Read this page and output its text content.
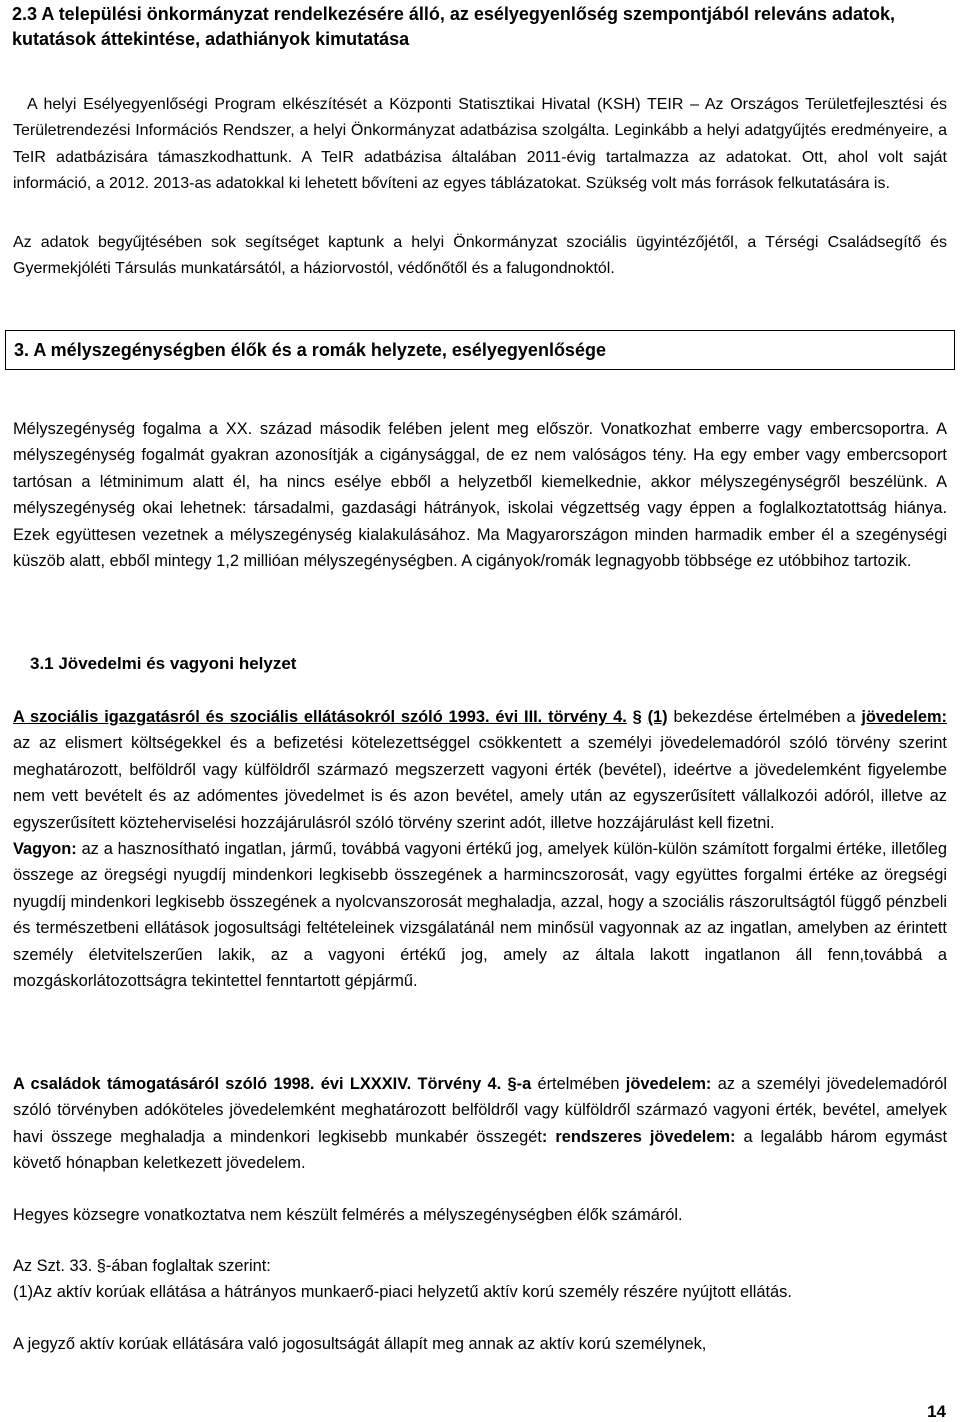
2.3 A települési önkormányzat rendelkezésére álló, az esélyegyenlőség szempontjából releváns adatok, kutatások áttekintése, adathiányok kimutatása

A helyi Esélyegyenlőségi Program elkészítését a Központi Statisztikai Hivatal (KSH) TEIR – Az Országos Területfejlesztési és Területrendezési Információs Rendszer, a helyi Önkormányzat adatbázisa szolgálta. Leginkább a helyi adatgyűjtés eredményeire, a TeIR adatbázisára támaszkodhattunk. A TeIR adatbázisa általában 2011-évig tartalmazza az adatokat. Ott, ahol volt saját információ, a 2012. 2013-as adatokkal ki lehetett bővíteni az egyes táblázatokat. Szükség volt más források felkutatására is.

Az adatok begyűjtésében sok segítséget kaptunk a helyi Önkormányzat szociális ügyintézőjétől, a Térségi Családsegítő és Gyermekjóléti Társulás munkatársától, a háziorvostól, védőnőtől és a falugondnoktól.

3. A mélyszegénységben élők és a romák helyzete, esélyegyenlősége

Mélyszegénység fogalma a XX. század második felében jelent meg először. Vonatkozhat emberre vagy embercsoportra. A mélyszegénység fogalmát gyakran azonosítják a cigánysággal, de ez nem valóságos tény. Ha egy ember vagy embercsoport tartósan a létminimum alatt él, ha nincs esélye ebből a helyzetből kiemelkednie, akkor mélyszegénységről beszélünk. A mélyszegénység okai lehetnek: társadalmi, gazdasági hátrányok, iskolai végzettség vagy éppen a foglalkoztatottság hiánya. Ezek együttesen vezetnek a mélyszegénység kialakulásához. Ma Magyarországon minden harmadik ember él a szegénységi küszöb alatt, ebből mintegy 1,2 millióan mélyszegénységben. A cigányok/romák legnagyobb többsége ez utóbbihoz tartozik.

3.1 Jövedelmi és vagyoni helyzet

A szociális igazgatásról és szociális ellátásokról szóló 1993. évi III. törvény 4. § (1) bekezdése értelmében a jövedelem: az az elismert költségekkel és a befizetési kötelezettséggel csökkentett a személyi jövedelemadóról szóló törvény szerint meghatározott, belföldről vagy külföldről származó megszerzett vagyoni érték (bevétel), ideértve a jövedelemként figyelembe nem vett bevételt és az adómentes jövedelmet is és azon bevétel, amely után az egyszerűsített vállalkozói adóról, illetve az egyszerűsített közteherviselési hozzájárulásról szóló törvény szerint adót, illetve hozzájárulást kell fizetni.
Vagyon: az a hasznosítható ingatlan, jármű, továbbá vagyoni értékű jog, amelyek külön-külön számított forgalmi értéke, illetőleg összege az öregségi nyugdíj mindenkori legkisebb összegének a harmincszorosát, vagy együttes forgalmi értéke az öregségi nyugdíj mindenkori legkisebb összegének a nyolcvanszorosát meghaladja, azzal, hogy a szociális rászorultságtól függő pénzbeli és természetbeni ellátások jogosultsági feltételeinek vizsgálatánál nem minősül vagyonnak az az ingatlan, amelyben az érintett személy életvitelszerűen lakik, az a vagyoni értékű jog, amely az általa lakott ingatlanon áll fenn,továbbá a mozgáskorlátozottságra tekintettel fenntartott gépjármű.

A családok támogatásáról szóló 1998. évi LXXXIV. Törvény 4. §-a értelmében jövedelem: az a személyi jövedelemadóról szóló törvényben adóköteles jövedelemként meghatározott belföldről vagy külföldről származó vagyoni érték, bevétel, amelyek havi összege meghaladja a mindenkori legkisebb munkabér összegét: rendszeres jövedelem: a legalább három egymást követő hónapban keletkezett jövedelem.

Hegyes közsegre vonatkoztatva nem készült felmérés a mélyszegénységben élők számáról.

Az Szt. 33. §-ában foglaltak szerint:

(1)Az aktív korúak ellátása a hátrányos munkaerő-piaci helyzetű aktív korú személy részére nyújtott ellátás.

A jegyző aktív korúak ellátására való jogosultságát állapít meg annak az aktív korú személynek,

14
